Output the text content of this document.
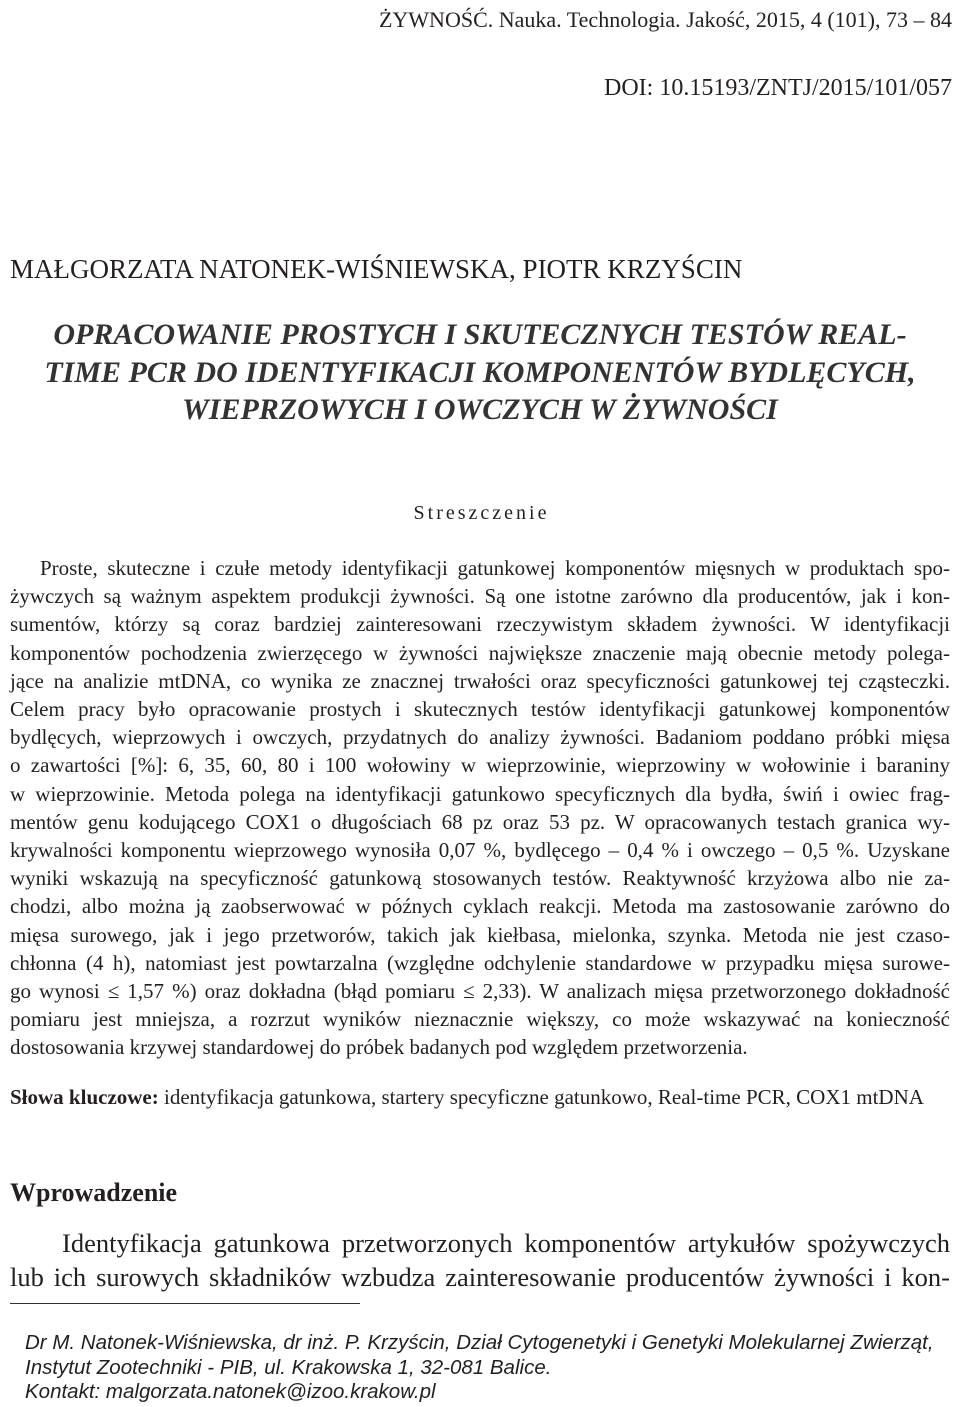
ŻYWNOŚĆ. Nauka. Technologia. Jakość, 2015, 4 (101), 73 – 84
DOI: 10.15193/ZNTJ/2015/101/057
MAŁGORZATA NATONEK-WIŚNIEWSKA, PIOTR KRZYŚCIN
OPRACOWANIE PROSTYCH I SKUTECZNYCH TESTÓW REAL-
TIME PCR DO IDENTYFIKACJI KOMPONENTÓW BYDLĘCYCH,
WIEPRZOWYCH I OWCZYCH W ŻYWNOŚCI
S t r e s z c z e n i e
Proste, skuteczne i czułe metody identyfikacji gatunkowej komponentów mięsnych w produktach spo-
żywczych są ważnym aspektem produkcji żywności. Są one istotne zarówno dla producentów, jak i kon-
sumentów, którzy są coraz bardziej zainteresowani rzeczywistym składem żywności. W identyfikacji
komponentów pochodzenia zwierzęcego w żywności największe znaczenie mają obecnie metody polega-
jące na analizie mtDNA, co wynika ze znacznej trwałości oraz specyficzności gatunkowej tej cząsteczki.
Celem pracy było opracowanie prostych i skutecznych testów identyfikacji gatunkowej komponentów
bydlęcych, wieprzowych i owczych, przydatnych do analizy żywności. Badaniom poddano próbki mięsa
o zawartości [%]: 6, 35, 60, 80 i 100 wołowiny w wieprzowinie, wieprzowiny w wołowinie i baraniny
w wieprzowinie. Metoda polega na identyfikacji gatunkowo specyficznych dla bydła, świń i owiec frag-
mentów genu kodującego COX1 o długościach 68 pz oraz 53 pz. W opracowanych testach granica wy-
krywalności komponentu wieprzowego wynosiła 0,07 %, bydlęcego – 0,4 % i owczego – 0,5 %. Uzyskane
wyniki wskazują na specyficzność gatunkową stosowanych testów. Reaktywność krzyżowa albo nie za-
chodzi, albo można ją zaobserwować w późnych cyklach reakcji. Metoda ma zastosowanie zarówno do
mięsa surowego, jak i jego przetworów, takich jak kiełbasa, mielonka, szynka. Metoda nie jest czaso-
chłonna (4 h), natomiast jest powtarzalna (względne odchylenie standardowe w przypadku mięsa surowe-
go wynosi ≤ 1,57 %) oraz dokładna (błąd pomiaru ≤ 2,33). W analizach mięsa przetworzonego dokładność
pomiaru jest mniejsza, a rozrzut wyników nieznacznie większy, co może wskazywać na konieczność
dostosowania krzywej standardowej do próbek badanych pod względem przetworzenia.
Słowa kluczowe: identyfikacja gatunkowa, startery specyficzne gatunkowo, Real-time PCR, COX1 mtDNA
Wprowadzenie
Identyfikacja gatunkowa przetworzonych komponentów artykułów spożywczych
lub ich surowych składników wzbudza zainteresowanie producentów żywności i kon-
Dr M. Natonek-Wiśniewska, dr inż. P. Krzyścin, Dział Cytogenetyki i Genetyki Molekularnej Zwierząt,
Instytut Zootechniki - PIB, ul. Krakowska 1, 32-081 Balice.
Kontakt: malgorzata.natonek@izoo.krakow.pl
